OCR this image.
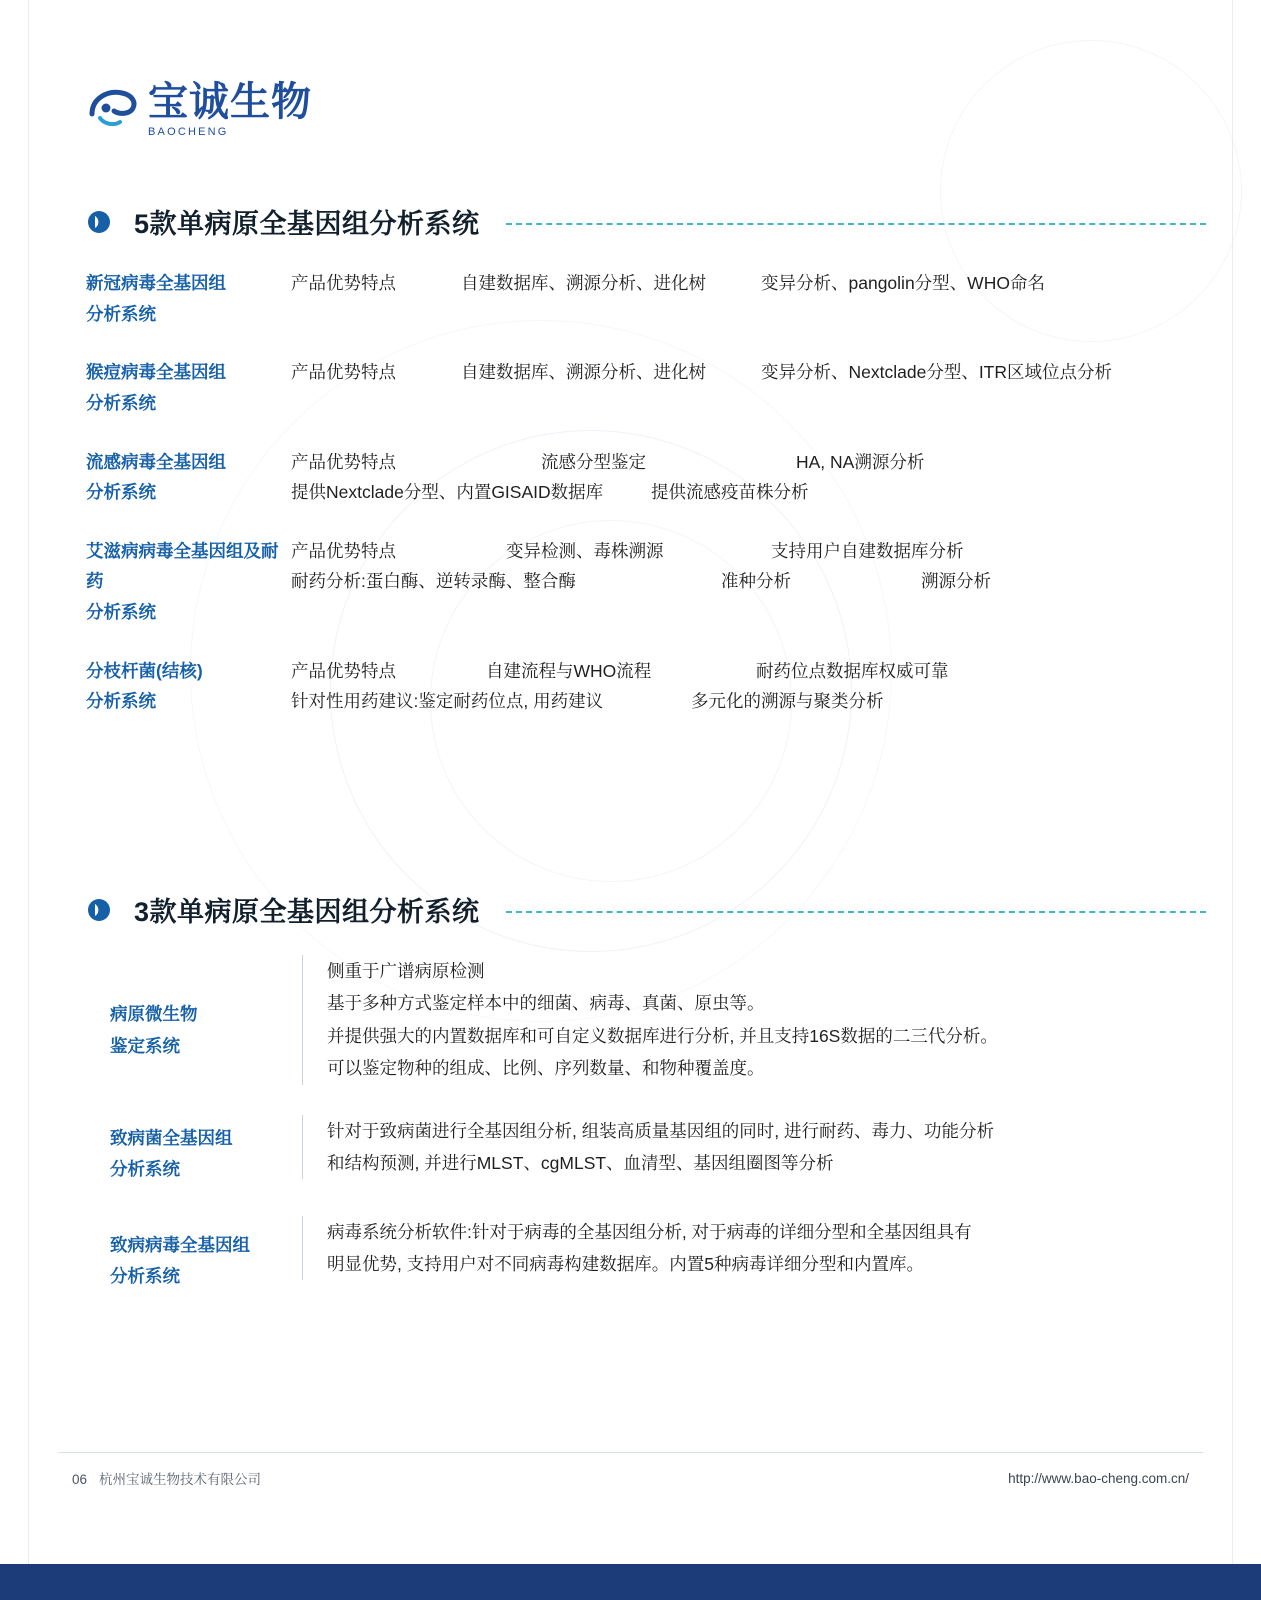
宝诚生物
BAOCHENG
5款单病原全基因组分析系统
新冠病毒全基因组
分析系统
产品优势特点	自建数据库、溯源分析、进化树	变异分析、pangolin分型、WHO命名
猴痘病毒全基因组
分析系统
产品优势特点	自建数据库、溯源分析、进化树	变异分析、Nextclade分型、ITR区域位点分析
流感病毒全基因组
分析系统
产品优势特点	流感分型鉴定	HA, NA溯源分析
提供Nextclade分型、内置GISAID数据库	提供流感疫苗株分析
艾滋病病毒全基因组及耐药
分析系统
产品优势特点	变异检测、毒株溯源	支持用户自建数据库分析
耐药分析:蛋白酶、逆转录酶、整合酶	准种分析	溯源分析
分枝杆菌(结核)
分析系统
产品优势特点	自建流程与WHO流程	耐药位点数据库权威可靠
针对性用药建议:鉴定耐药位点, 用药建议	多元化的溯源与聚类分析
3款单病原全基因组分析系统
病原微生物
鉴定系统

侧重于广谱病原检测

基于多种方式鉴定样本中的细菌、病毒、真菌、原虫等。

并提供强大的内置数据库和可自定义数据库进行分析, 并且支持16S数据的二三代分析。

可以鉴定物种的组成、比例、序列数量、和物种覆盖度。

致病菌全基因组
分析系统

针对于致病菌进行全基因组分析, 组装高质量基因组的同时, 进行耐药、毒力、功能分析

和结构预测, 并进行MLST、cgMLST、血清型、基因组圈图等分析

致病病毒全基因组
分析系统

病毒系统分析软件:针对于病毒的全基因组分析, 对于病毒的详细分型和全基因组具有

明显优势, 支持用户对不同病毒构建数据库。内置5种病毒详细分型和内置库。

06 杭州宝诚生物技术有限公司	http://www.bao-cheng.com.cn/
